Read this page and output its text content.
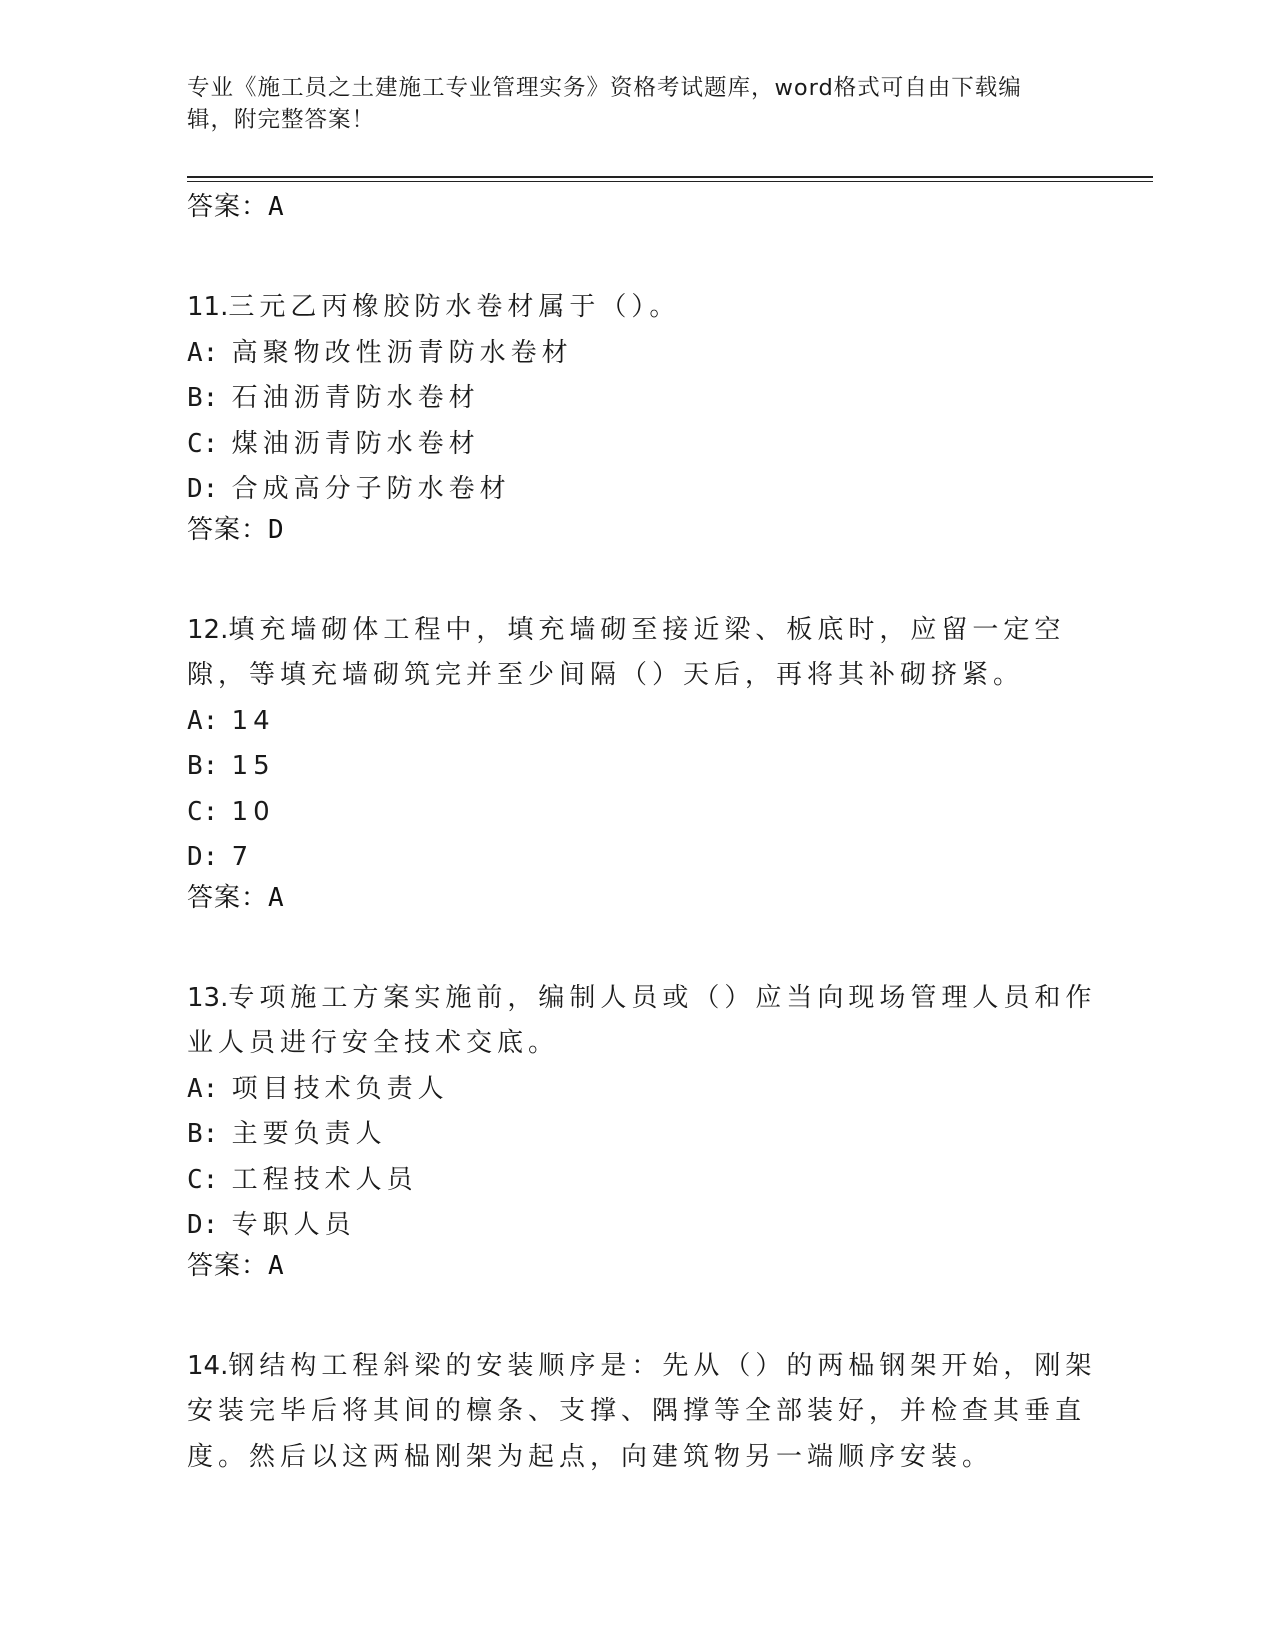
专业《施工员之土建施工专业管理实务》资格考试题库，word格式可自由下载编辑，附完整答案！
答案：A
11.三元乙丙橡胶防水卷材属于（）。
A: 高聚物改性沥青防水卷材
B: 石油沥青防水卷材
C: 煤油沥青防水卷材
D: 合成高分子防水卷材
答案：D
12.填充墙砌体工程中，填充墙砌至接近梁、板底时，应留一定空隙，等填充墙砌筑完并至少间隔（）天后，再将其补砌挤紧。
A: 14
B: 15
C: 10
D: 7
答案：A
13.专项施工方案实施前，编制人员或（）应当向现场管理人员和作业人员进行安全技术交底。
A: 项目技术负责人
B: 主要负责人
C: 工程技术人员
D: 专职人员
答案：A
14.钢结构工程斜梁的安装顺序是：先从（）的两榀钢架开始，刚架安装完毕后将其间的檩条、支撑、隅撑等全部装好，并检查其垂直度。然后以这两榀刚架为起点，向建筑物另一端顺序安装。
